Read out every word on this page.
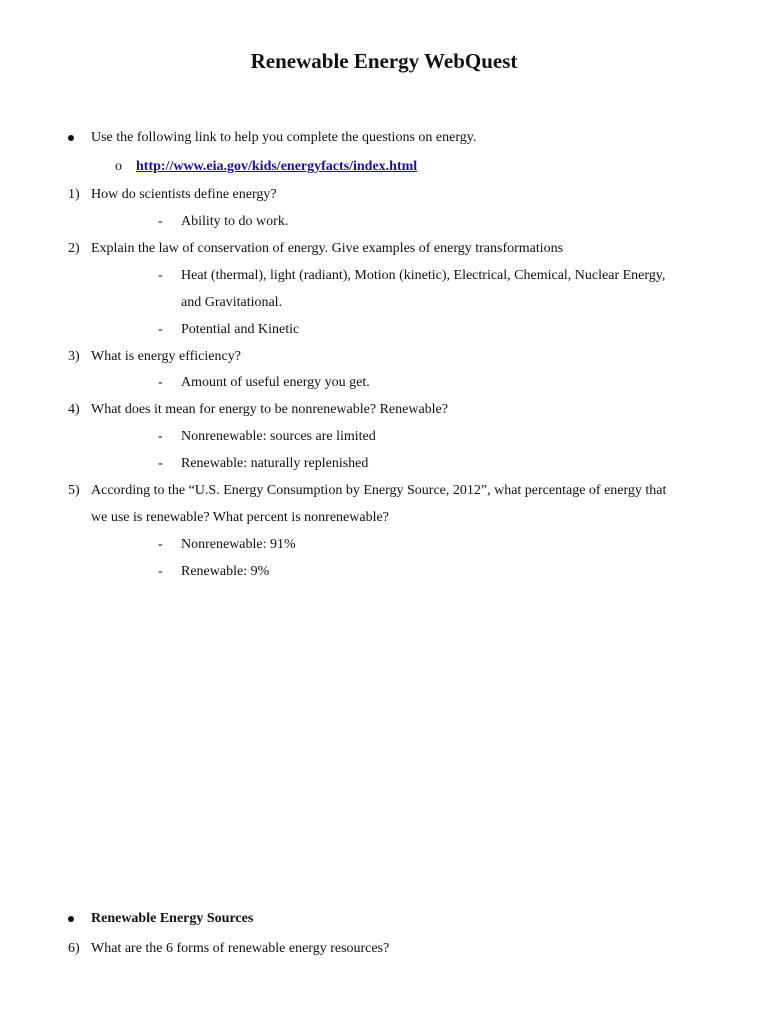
Renewable Energy WebQuest
Use the following link to help you complete the questions on energy.
o http://www.eia.gov/kids/energyfacts/index.html
1) How do scientists define energy?
- Ability to do work.
2) Explain the law of conservation of energy. Give examples of energy transformations
- Heat (thermal), light (radiant), Motion (kinetic), Electrical, Chemical, Nuclear Energy,
and Gravitational.
- Potential and Kinetic
3) What is energy efficiency?
- Amount of useful energy you get.
4) What does it mean for energy to be nonrenewable? Renewable?
- Nonrenewable: sources are limited
- Renewable: naturally replenished
5) According to the “U.S. Energy Consumption by Energy Source, 2012”, what percentage of energy that
we use is renewable? What percent is nonrenewable?
- Nonrenewable: 91%
- Renewable: 9%
Renewable Energy Sources
6) What are the 6 forms of renewable energy resources?
